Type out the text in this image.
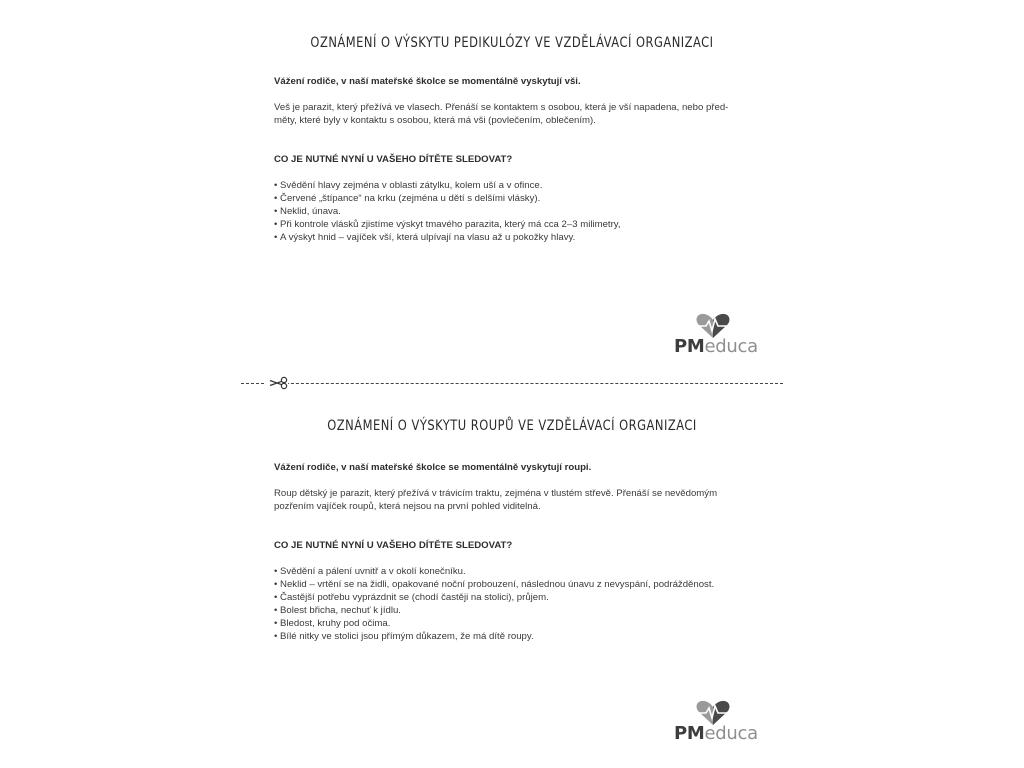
OZNÁMENÍ O VÝSKYTU PEDIKULÓZY VE VZDĚLÁVACÍ ORGANIZACI
Vážení rodiče, v naší mateřské školce se momentálně vyskytují vši.
Veš je parazit, který přežívá ve vlasech. Přenáší se kontaktem s osobou, která je vší napadena, nebo před-
měty, které byly v kontaktu s osobou, která má vši (povlečením, oblečením).
CO JE NUTNÉ NYNÍ U VAŠEHO DÍTĚTE SLEDOVAT?
• Svědění hlavy zejména v oblasti zátylku, kolem uší a v ofince.
• Červené „štípance“ na krku (zejména u dětí s delšími vlásky).
• Neklid, únava.
• Při kontrole vlásků zjistíme výskyt tmavého parazita, který má cca 2–3 milimetry,
• A výskyt hnid – vajíček vší, která ulpívají na vlasu až u pokožky hlavy.
PMeduca
OZNÁMENÍ O VÝSKYTU ROUPŮ VE VZDĚLÁVACÍ ORGANIZACI
Vážení rodiče, v naší mateřské školce se momentálně vyskytují roupi.
Roup dětský je parazit, který přežívá v trávicím traktu, zejména v tlustém střevě. Přenáší se nevědomým
pozřením vajíček roupů, která nejsou na první pohled viditelná.
CO JE NUTNÉ NYNÍ U VAŠEHO DÍTĚTE SLEDOVAT?
• Svědění a pálení uvnitř a v okolí konečníku.
• Neklid – vrtění se na židli, opakované noční probouzení, následnou únavu z nevyspání, podrážděnost.
• Častější potřebu vyprázdnit se (chodí častěji na stolici), průjem.
• Bolest břicha, nechuť k jídlu.
• Bledost, kruhy pod očima.
• Bílé nitky ve stolici jsou přímým důkazem, že má dítě roupy.
PMeduca
